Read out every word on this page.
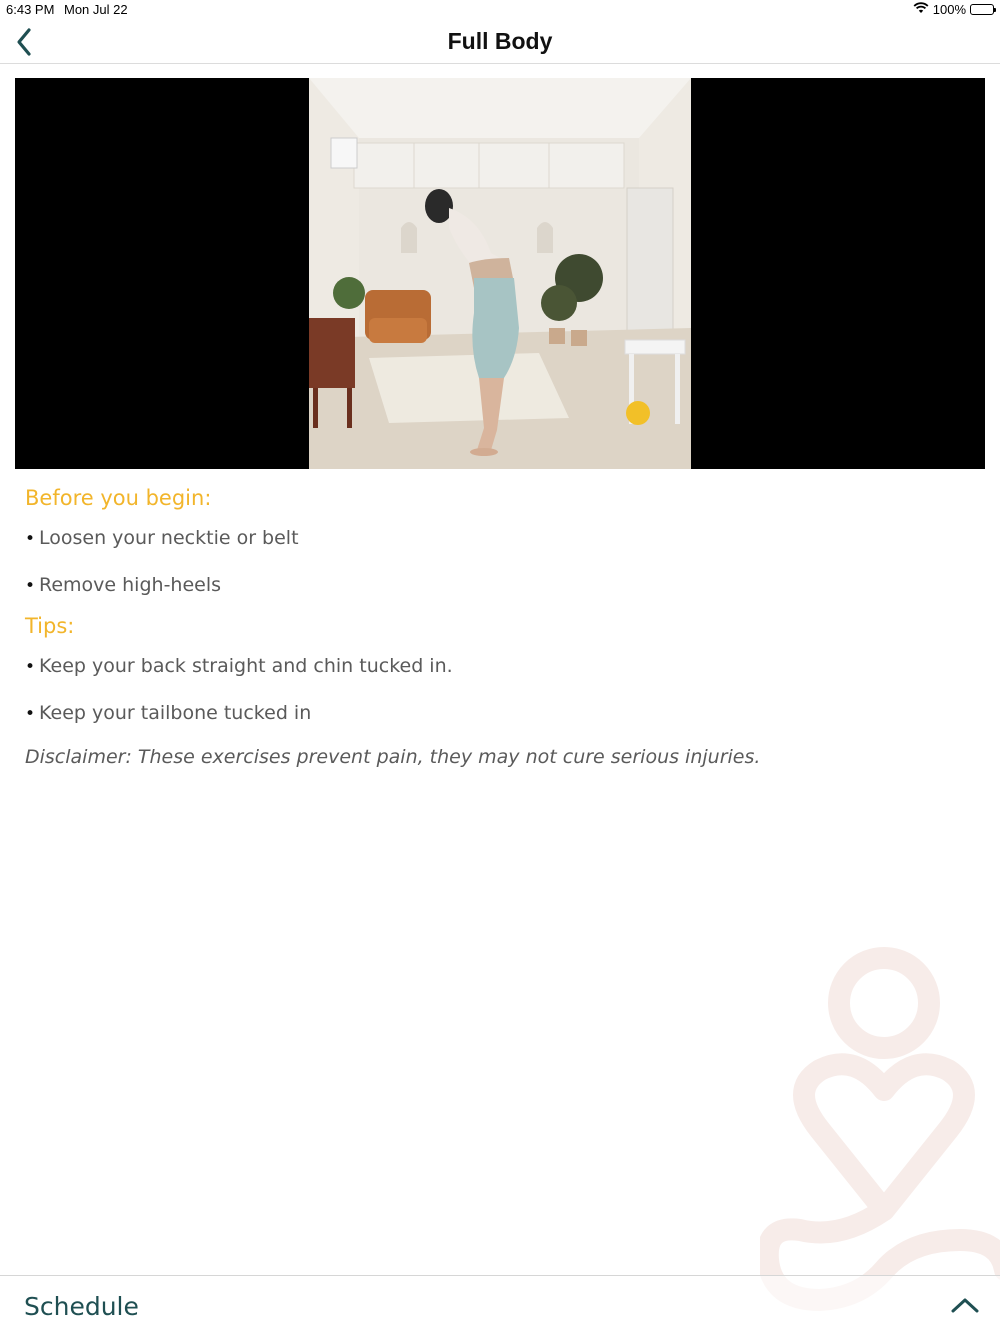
6:43 PM Mon Jul 22	100%
Full Body
Before you begin:
• Loosen your necktie or belt
• Remove high-heels
Tips:
• Keep your back straight and chin tucked in.
• Keep your tailbone tucked in
Disclaimer: These exercises prevent pain, they may not cure serious injuries.
Schedule
